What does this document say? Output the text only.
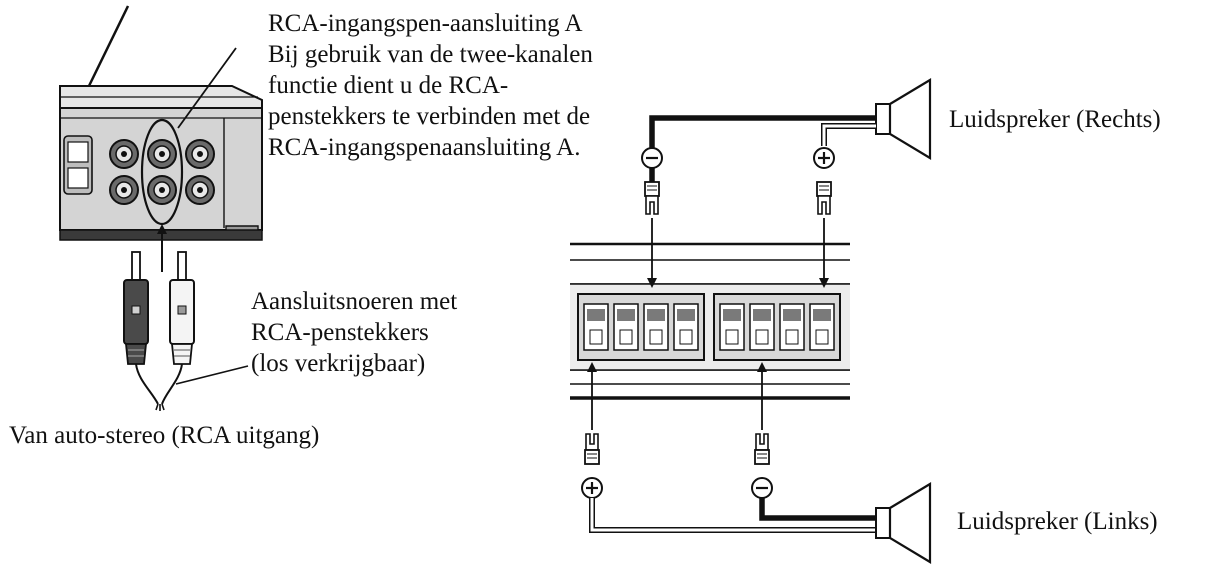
RCA-ingangspen-aansluiting A
Bij gebruik van de twee-kanalen
functie dient u de RCA-
penstekkers te verbinden met de
RCA-ingangspenaansluiting A.
Aansluitsnoeren met
RCA-penstekkers
(los verkrijgbaar)
Van auto-stereo (RCA uitgang)
Luidspreker (Rechts)
Luidspreker (Links)
